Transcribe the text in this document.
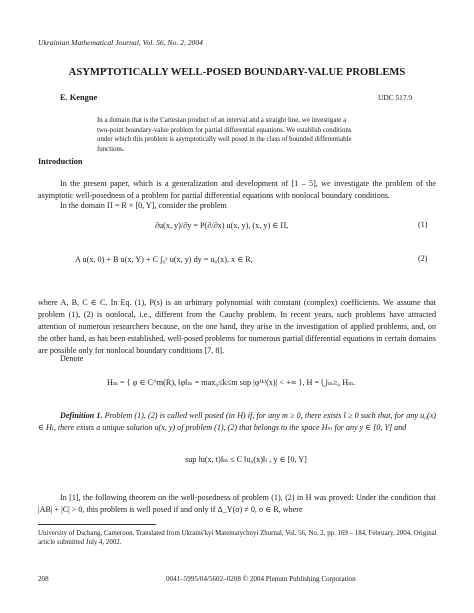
Ukrainian Mathematical Journal, Vol. 56, No. 2, 2004
ASYMPTOTICALLY WELL-POSED BOUNDARY-VALUE PROBLEMS
E. Kengne	UDC 517.9
In a domain that is the Cartesian product of an interval and a straight line, we investigate a two-point boundary-value problem for partial differential equations. We establish conditions under which this problem is asymptotically well posed in the class of bounded differentiable functions.
Introduction
In the present paper, which is a generalization and development of [1 – 5], we investigate the problem of the asymptotic well-posedness of a problem for partial differential equations with nonlocal boundary conditions.
In the domain Π = R × [0, Y], consider the problem
∂u(x, y)/∂y = P(∂/∂x) u(x, y), (x, y) ∈ Π,	(1)
A u(x, 0) + B u(x, Y) + C ∫₀ʸ u(x, y) dy = u₀(x), x ∈ R,	(2)
where A, B, C ∈ C. In Eq. (1), P(s) is an arbitrary polynomial with constant (complex) coefficients. We assume that problem (1), (2) is nonlocal, i.e., different from the Cauchy problem. In recent years, such problems have attracted attention of numerous researchers because, on the one hand, they arise in the investigation of applied problems, and, on the other hand, as has been established, well-posed problems for numerous partial differential equations in certain domains are possible only for nonlocal boundary conditions [7, 8].
Denote
Hₘ = { φ ∈ C^m(R), ‖φ‖ₘ = max₀≤k≤m sup |φ⁽ᵏ⁾(x)| < +∞ }, H = ⋃ₘ≥₀ Hₘ.
Definition 1. Problem (1), (2) is called well posed (in H) if, for any m ≥ 0, there exists l ≥ 0 such that, for any u₀(x) ∈ Hₗ, there exists a unique solution u(x, y) of problem (1), (2) that belongs to the space Hₘ for any y ∈ [0, Y] and
sup ‖u(x, t)‖ₘ ≤ C ‖u₀(x)‖ₗ , y ∈ [0, Y]
In [1], the following theorem on the well-posedness of problem (1), (2) in H was proved: Under the condition that |AB| + |C| > 0, this problem is well posed if and only if Δ_Y(σ) ≠ 0, σ ∈ R, where
University of Dschang, Cameroon. Translated from Ukrains'kyi Matematychnyi Zhurnal, Vol. 56, No. 2, pp. 169 – 184, February, 2004. Original article submitted July 4, 2002.
208	0041–5995/04/5602–0208 © 2004 Plenum Publishing Corporation
